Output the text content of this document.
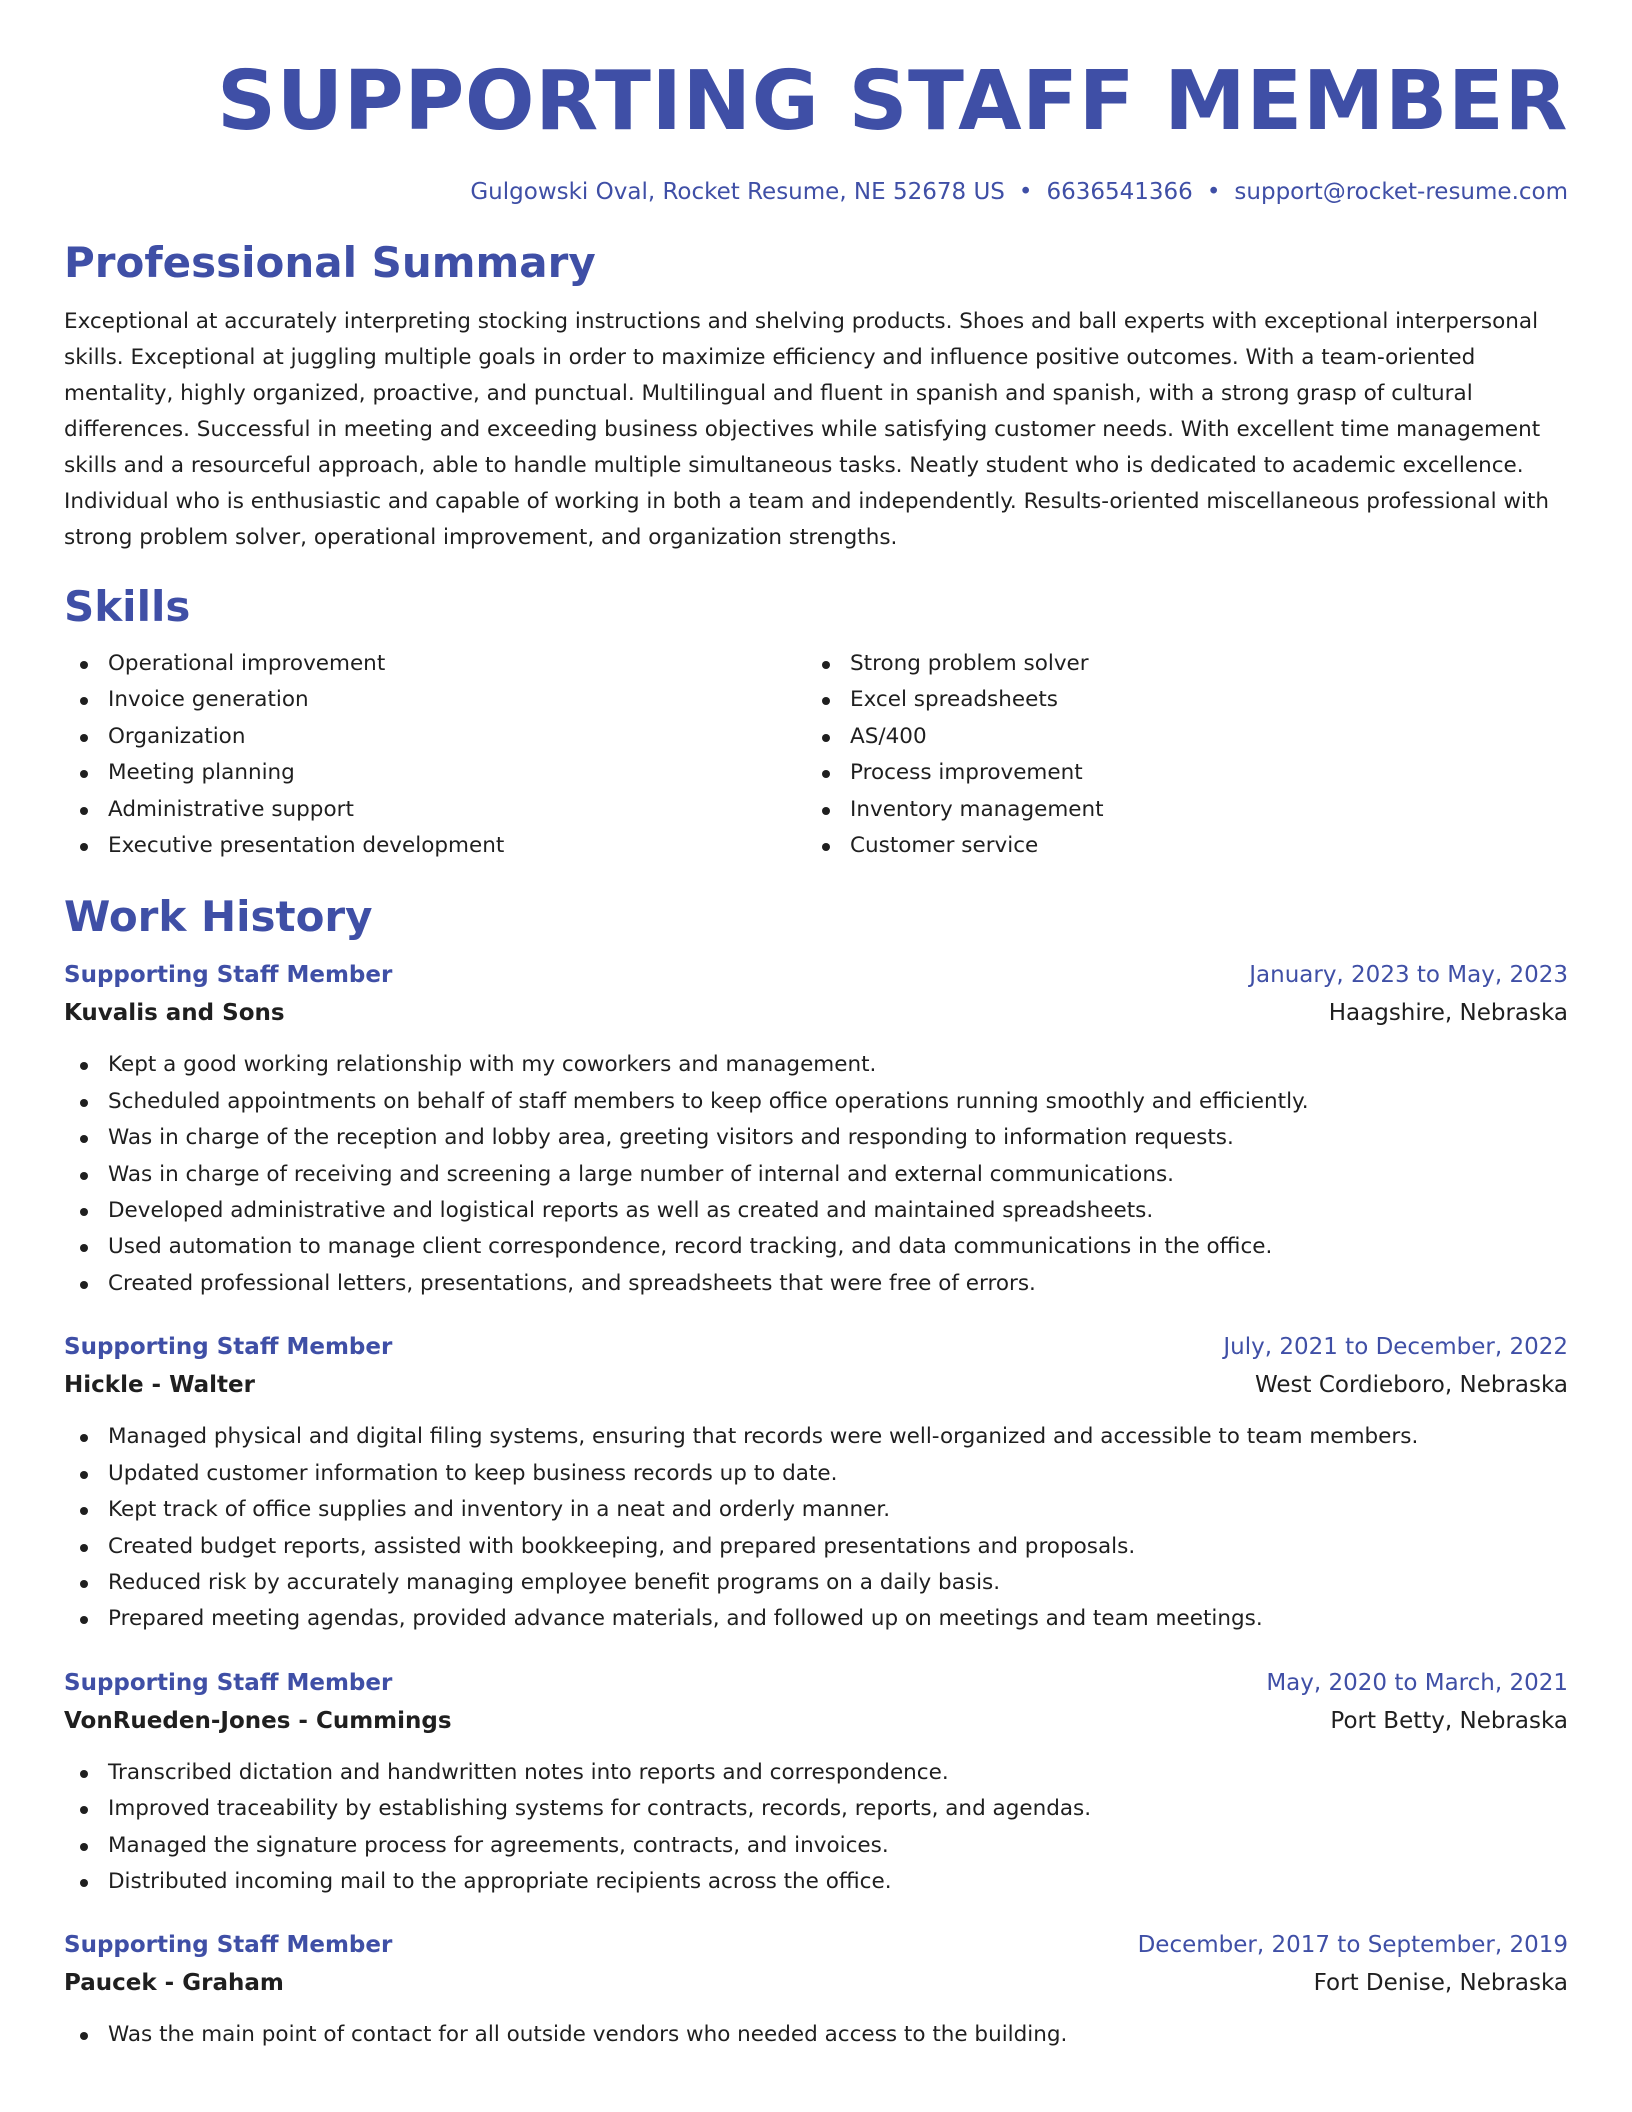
SUPPORTING STAFF MEMBER
Gulgowski Oval, Rocket Resume, NE 52678 US • 6636541366 • support@rocket-resume.com
Professional Summary

Exceptional at accurately interpreting stocking instructions and shelving products. Shoes and ball experts with exceptional interpersonal skills. Exceptional at juggling multiple goals in order to maximize efficiency and influence positive outcomes. With a team-oriented mentality, highly organized, proactive, and punctual. Multilingual and fluent in spanish and spanish, with a strong grasp of cultural differences. Successful in meeting and exceeding business objectives while satisfying customer needs. With excellent time management skills and a resourceful approach, able to handle multiple simultaneous tasks. Neatly student who is dedicated to academic excellence. Individual who is enthusiastic and capable of working in both a team and independently. Results-oriented miscellaneous professional with strong problem solver, operational improvement, and organization strengths.

Skills
Operational improvement
Invoice generation
Organization
Meeting planning
Administrative support
Executive presentation development
Strong problem solver
Excel spreadsheets
AS/400
Process improvement
Inventory management
Customer service
Work History
Supporting Staff Member	January, 2023 to May, 2023
Kuvalis and Sons	Haagshire, Nebraska
Kept a good working relationship with my coworkers and management.
Scheduled appointments on behalf of staff members to keep office operations running smoothly and efficiently.
Was in charge of the reception and lobby area, greeting visitors and responding to information requests.
Was in charge of receiving and screening a large number of internal and external communications.
Developed administrative and logistical reports as well as created and maintained spreadsheets.
Used automation to manage client correspondence, record tracking, and data communications in the office.
Created professional letters, presentations, and spreadsheets that were free of errors.
Supporting Staff Member	July, 2021 to December, 2022
Hickle - Walter	West Cordieboro, Nebraska
Managed physical and digital filing systems, ensuring that records were well-organized and accessible to team members.
Updated customer information to keep business records up to date.
Kept track of office supplies and inventory in a neat and orderly manner.
Created budget reports, assisted with bookkeeping, and prepared presentations and proposals.
Reduced risk by accurately managing employee benefit programs on a daily basis.
Prepared meeting agendas, provided advance materials, and followed up on meetings and team meetings.
Supporting Staff Member	May, 2020 to March, 2021
VonRueden-Jones - Cummings	Port Betty, Nebraska
Transcribed dictation and handwritten notes into reports and correspondence.
Improved traceability by establishing systems for contracts, records, reports, and agendas.
Managed the signature process for agreements, contracts, and invoices.
Distributed incoming mail to the appropriate recipients across the office.
Supporting Staff Member	December, 2017 to September, 2019
Paucek - Graham	Fort Denise, Nebraska
Was the main point of contact for all outside vendors who needed access to the building.
